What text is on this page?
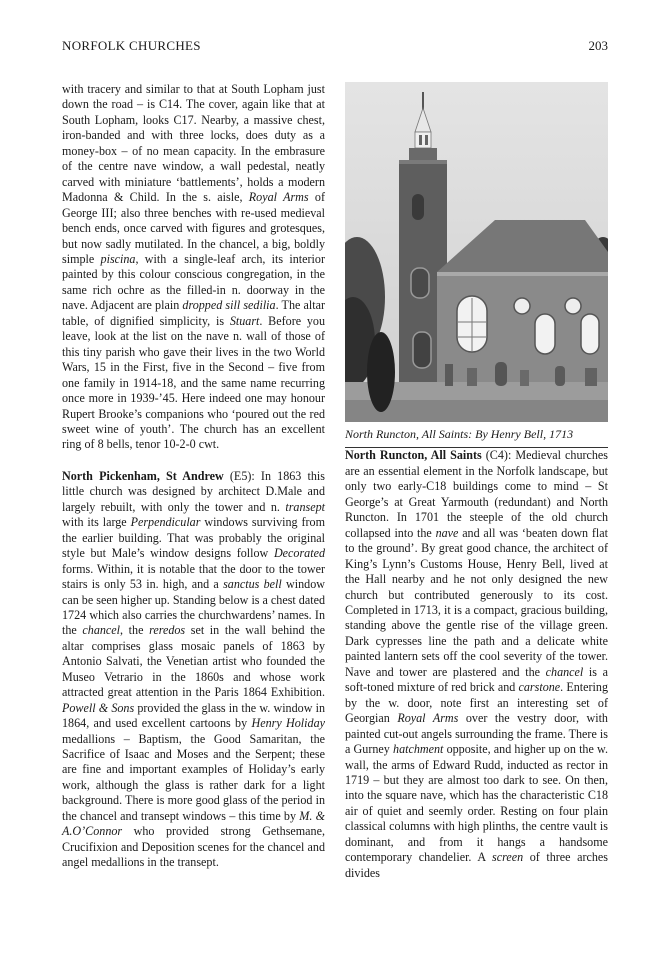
NORFOLK CHURCHES	203

with tracery and similar to that at South Lopham just down the road – is C14. The cover, again like that at South Lopham, looks C17. Nearby, a massive chest, iron-banded and with three locks, does duty as a money-box – of no mean capacity. In the embrasure of the centre nave window, a wall pedestal, neatly carved with miniature ‘battlements’, holds a modern Madonna & Child. In the s. aisle, Royal Arms of George III; also three benches with re-used medieval bench ends, once carved with figures and grotesques, but now sadly mutilated. In the chancel, a big, boldly simple piscina, with a single-leaf arch, its interior painted by this colour conscious congregation, in the same rich ochre as the filled-in n. doorway in the nave. Adjacent are plain dropped sill sedilia. The altar table, of dignified simplicity, is Stuart. Before you leave, look at the list on the nave n. wall of those of this tiny parish who gave their lives in the two World Wars, 15 in the First, five in the Second – five from one family in 1914-18, and the same name recurring once more in 1939-’45. Here indeed one may honour Rupert Brooke’s companions who ‘poured out the red sweet wine of youth’. The church has an excellent ring of 8 bells, tenor 10-2-0 cwt.

North Pickenham, St Andrew (E5): In 1863 this little church was designed by architect D.Male and largely rebuilt, with only the tower and n. transept with its large Perpendicular windows surviving from the earlier building. That was probably the original style but Male’s window designs follow Decorated forms. Within, it is notable that the door to the tower stairs is only 53 in. high, and a sanctus bell window can be seen higher up. Standing below is a chest dated 1724 which also carries the churchwardens’ names. In the chancel, the reredos set in the wall behind the altar comprises glass mosaic panels of 1863 by Antonio Salvati, the Venetian artist who founded the Museo Vetrario in the 1860s and whose work attracted great attention in the Paris 1864 Exhibition. Powell & Sons provided the glass in the w. window in 1864, and used excellent cartoons by Henry Holiday medallions – Baptism, the Good Samaritan, the Sacrifice of Isaac and Moses and the Serpent; these are fine and important examples of Holiday’s early work, although the glass is rather dark for a light background. There is more good glass of the period in the chancel and transept windows – this time by M. & A.O’Connor who provided strong Gethsemane, Crucifixion and Deposition scenes for the chancel and angel medallions in the transept.

North Runcton, All Saints: By Henry Bell, 1713

North Runcton, All Saints (C4): Medieval churches are an essential element in the Norfolk landscape, but only two early-C18 buildings come to mind – St George’s at Great Yarmouth (redundant) and North Runcton. In 1701 the steeple of the old church collapsed into the nave and all was ‘beaten down flat to the ground’. By great good chance, the architect of King’s Lynn’s Customs House, Henry Bell, lived at the Hall nearby and he not only designed the new church but contributed generously to its cost. Completed in 1713, it is a compact, gracious building, standing above the gentle rise of the village green. Dark cypresses line the path and a delicate white painted lantern sets off the cool severity of the tower. Nave and tower are plastered and the chancel is a soft-toned mixture of red brick and carstone. Entering by the w. door, note first an interesting set of Georgian Royal Arms over the vestry door, with painted cut-out angels surrounding the frame. There is a Gurney hatchment opposite, and higher up on the w. wall, the arms of Edward Rudd, inducted as rector in 1719 – but they are almost too dark to see. On then, into the square nave, which has the characteristic C18 air of quiet and seemly order. Resting on four plain classical columns with high plinths, the centre vault is dominant, and from it hangs a handsome contemporary chandelier. A screen of three arches divides
